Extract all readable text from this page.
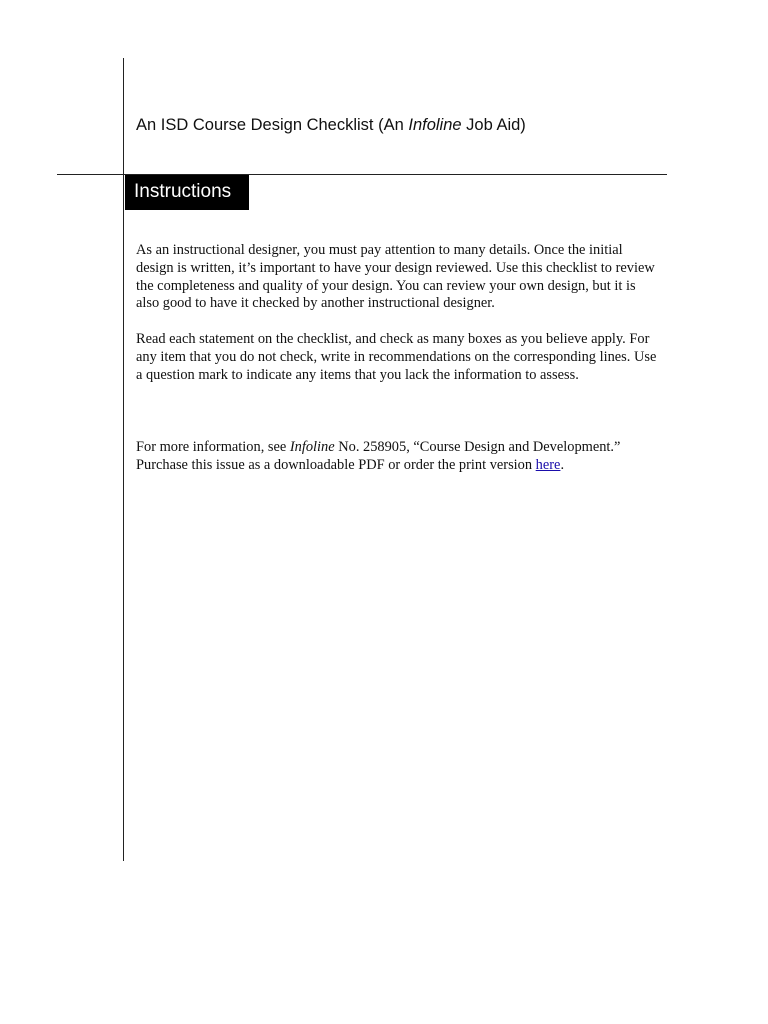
An ISD Course Design Checklist (An Infoline Job Aid)
Instructions

As an instructional designer, you must pay attention to many details. Once the initial design is written, it’s important to have your design reviewed. Use this checklist to review the completeness and quality of your design. You can review your own design, but it is also good to have it checked by another instructional designer.

Read each statement on the checklist, and check as many boxes as you believe apply. For any item that you do not check, write in recommendations on the corresponding lines. Use a question mark to indicate any items that you lack the information to assess.

For more information, see Infoline No. 258905, “Course Design and Development.” Purchase this issue as a downloadable PDF or order the print version here.
